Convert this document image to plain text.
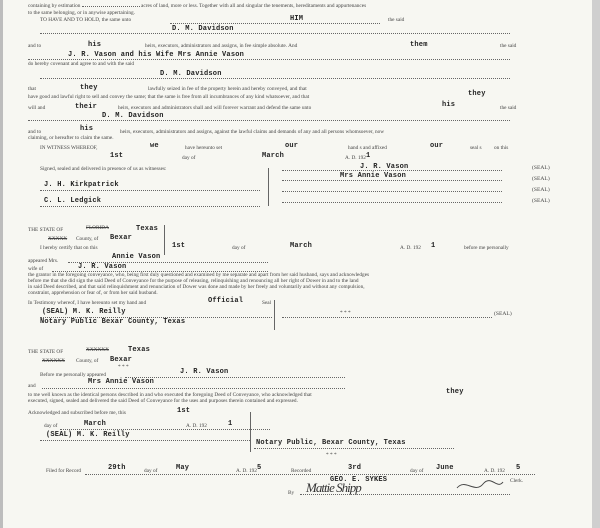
containing by estimation	acres of land, more or less. Together with all and singular the tenements, hereditaments and appurtenances
to the same belonging, or in anywise appertaining.
TO HAVE AND TO HOLD, the same unto	HIM	the said
D. M. Davidson
and to	his	heirs, executors, administrators and assigns, in fee simple absolute. And	them	the said
J. R. Vason and his Wife Mrs Annie Vason
do hereby covenant and agree to and with the said
D. M. Davidson
that	they	lawfully seized in fee of the property herein and hereby conveyed, and that
have good and lawful right to sell and convey the same; that the same is free from all incumbrances of any kind whatsoever, and that	they
will and	their	heirs, executors and administrators shall and will forever warrant and defend the same unto	his	the said
D. M. Davidson
and to	his	heirs, executors, administrators and assigns, against the lawful claims and demands of any and all persons whomsoever, now
claiming, or hereafter to claim the same.
IN WITNESS WHEREOF,	we	have hereunto set	our	hand s and affixed	our	seal s on this
1st	day of	March	A. D. 192 1
Signed, sealed and delivered in presence of us as witnesses:	J. R. Vason
Mrs Annie Vason
(SEAL)
(SEAL)
(SEAL)
(SEAL)
J. H. Kirkpatrick
C. L. Ledgick
THE STATE OF	FLORIDA	Texas
XXXXX County, of Bexar
I hereby certify that on this	1st	day of	March	A. D. 192 1	before me personally
appeared Mrs.	Annie Vason
wife of	J. R. Vason
the grantor in the foregoing conveyance, who, being first duly questioned and examined by me separate and apart from her said husband, says and acknowledges
before me that she did sign the said Deed of Conveyance for the purpose of releasing, relinquishing and renouncing all her right of Dower in and to the land
in said Deed described, and that said relinquishment and renunciation of Dower was done and made by her freely and voluntarily and without any compulsion,
constraint, apprehension or fear of, or from her said husband.
In Testimony whereof, I have hereunto set my hand and	Official	Seal
(SEAL) M. K. Reilly
Notary Public Bexar County, Texas
* * *	(SEAL)
THE STATE OF	XXXXXX	Texas
XXXXXX County, of Bexar
* * *
Before me personally appeared	J. R. Vason
and	Mrs Annie Vason
to me well known as the identical persons described in and who executed the foregoing Deed of Conveyance, who acknowledged that	they
executed, signed, sealed and delivered the said Deed of Conveyance for the uses and purposes therein contained and expressed.
Acknowledged and subscribed before me, this	1st
day of	March	A. D. 192	1
(SEAL) M. K. Reilly
Notary Public, Bexar County, Texas
* * *
Filed for Record	29th	day of	May	A. D. 192 5	Recorded	3rd	day of June	A. D. 192 5
GEO. E. SYKES	Clerk.
By Mattie Shipp
